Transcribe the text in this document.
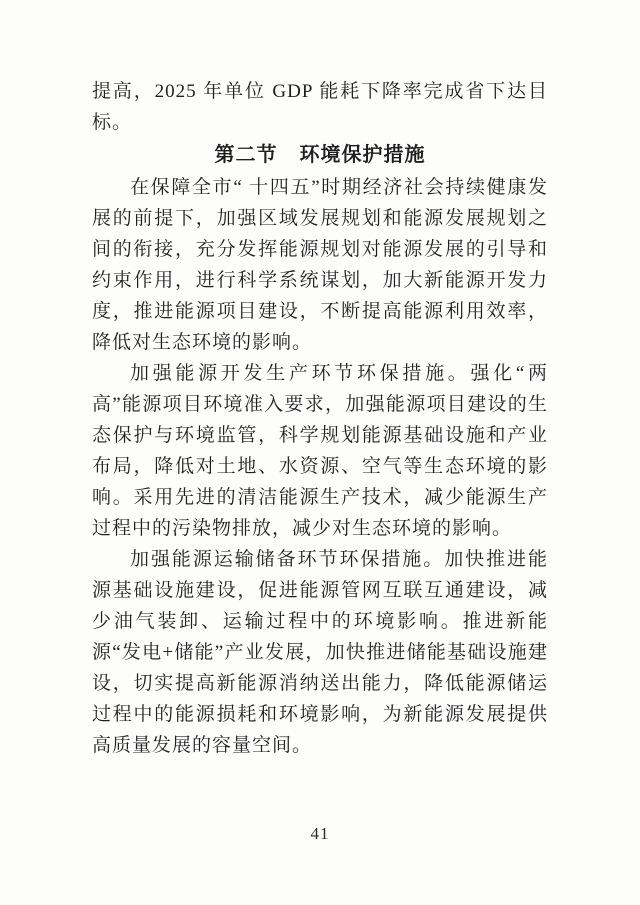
提高，2025 年单位 GDP 能耗下降率完成省下达目标。

第二节 环境保护措施

在保障全市“ 十四五”时期经济社会持续健康发展的前提下，加强区域发展规划和能源发展规划之间的衔接，充分发挥能源规划对能源发展的引导和约束作用，进行科学系统谋划，加大新能源开发力度，推进能源项目建设，不断提高能源利用效率，降低对生态环境的影响。

加强能源开发生产环节环保措施。强化“两高”能源项目环境准入要求，加强能源项目建设的生态保护与环境监管，科学规划能源基础设施和产业布局，降低对土地、水资源、空气等生态环境的影响。采用先进的清洁能源生产技术，减少能源生产过程中的污染物排放，减少对生态环境的影响。

加强能源运输储备环节环保措施。加快推进能源基础设施建设，促进能源管网互联互通建设，减少油气装卸、运输过程中的环境影响。推进新能源“发电+储能”产业发展，加快推进储能基础设施建设，切实提高新能源消纳送出能力，降低能源储运过程中的能源损耗和环境影响，为新能源发展提供高质量发展的容量空间。

41
